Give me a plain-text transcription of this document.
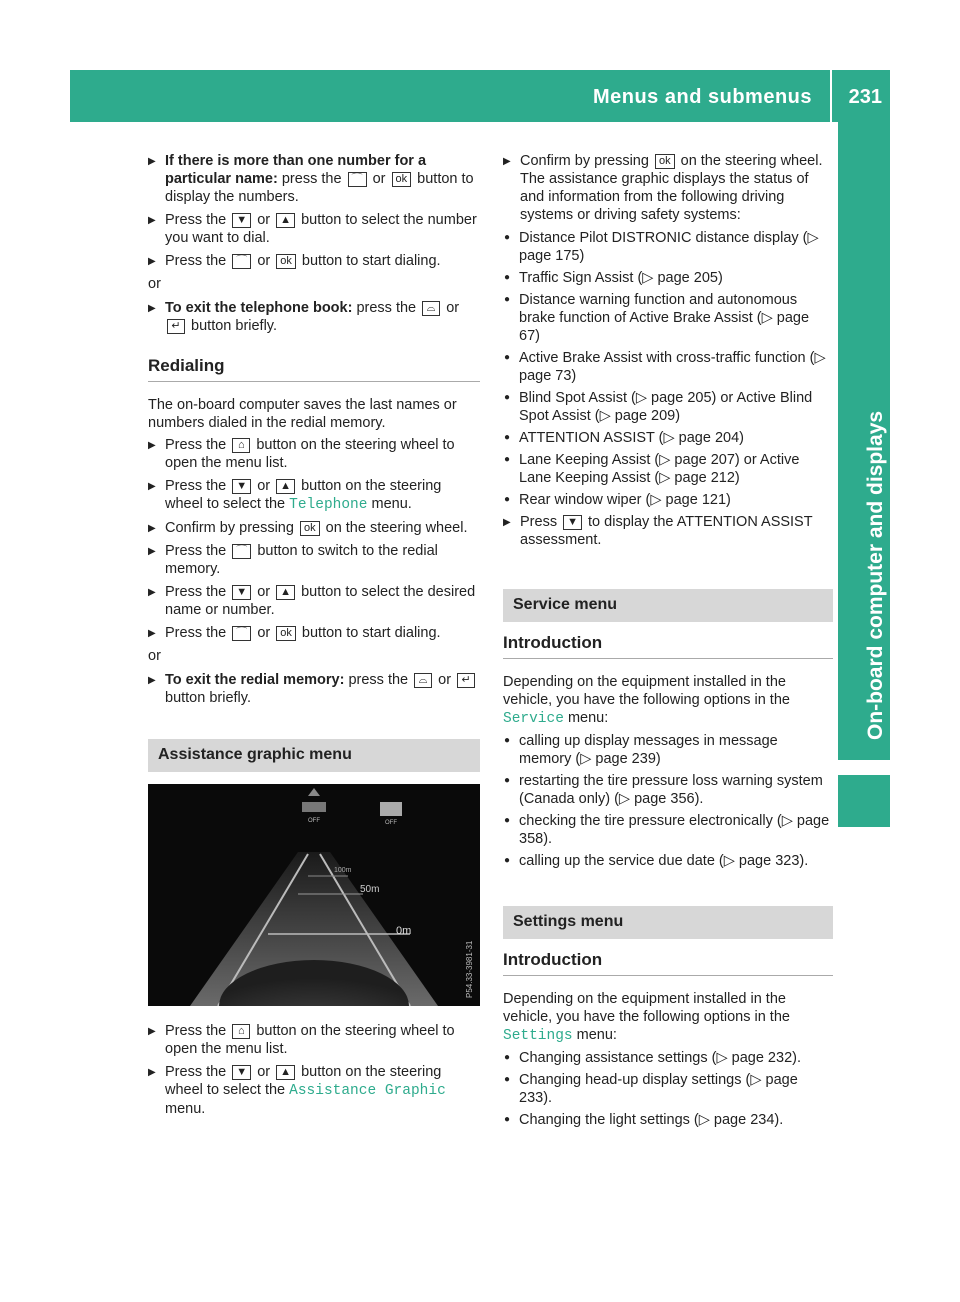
Menus and submenus 231
On-board computer and displays
▶ If there is more than one number for a particular name: press the ⌒ or ok button to display the numbers.
▶ Press the ▼ or ▲ button to select the number you want to dial.
▶ Press the ⌒ or ok button to start dialing.
or
▶ To exit the telephone book: press the ⌓ or ↵ button briefly.
Redialing
The on-board computer saves the last names or numbers dialed in the redial memory.
▶ Press the ⌂ button on the steering wheel to open the menu list.
▶ Press the ▼ or ▲ button on the steering wheel to select the Telephone menu.
▶ Confirm by pressing ok on the steering wheel.
▶ Press the ⌒ button to switch to the redial memory.
▶ Press the ▼ or ▲ button to select the desired name or number.
▶ Press the ⌒ or ok button to start dialing.
or
▶ To exit the redial memory: press the ⌓ or ↵ button briefly.
Assistance graphic menu
OFF	OFF
100m
50m
0m
P54.33-3981-31
▶ Press the ⌂ button on the steering wheel to open the menu list.
▶ Press the ▼ or ▲ button on the steering wheel to select the Assistance Graphic menu.
▶ Confirm by pressing ok on the steering wheel. The assistance graphic displays the status of and information from the following driving systems or driving safety systems:
● Distance Pilot DISTRONIC distance display (▷ page 175)
● Traffic Sign Assist (▷ page 205)
● Distance warning function and autonomous brake function of Active Brake Assist (▷ page 67)
● Active Brake Assist with cross-traffic function (▷ page 73)
● Blind Spot Assist (▷ page 205) or Active Blind Spot Assist (▷ page 209)
● ATTENTION ASSIST (▷ page 204)
● Lane Keeping Assist (▷ page 207) or Active Lane Keeping Assist (▷ page 212)
● Rear window wiper (▷ page 121)
▶ Press ▼ to display the ATTENTION ASSIST assessment.
Service menu
Introduction
Depending on the equipment installed in the vehicle, you have the following options in the Service menu:
● calling up display messages in message memory (▷ page 239)
● restarting the tire pressure loss warning system (Canada only) (▷ page 356).
● checking the tire pressure electronically (▷ page 358).
● calling up the service due date (▷ page 323).
Settings menu
Introduction
Depending on the equipment installed in the vehicle, you have the following options in the Settings menu:
● Changing assistance settings (▷ page 232).
● Changing head-up display settings (▷ page 233).
● Changing the light settings (▷ page 234).
